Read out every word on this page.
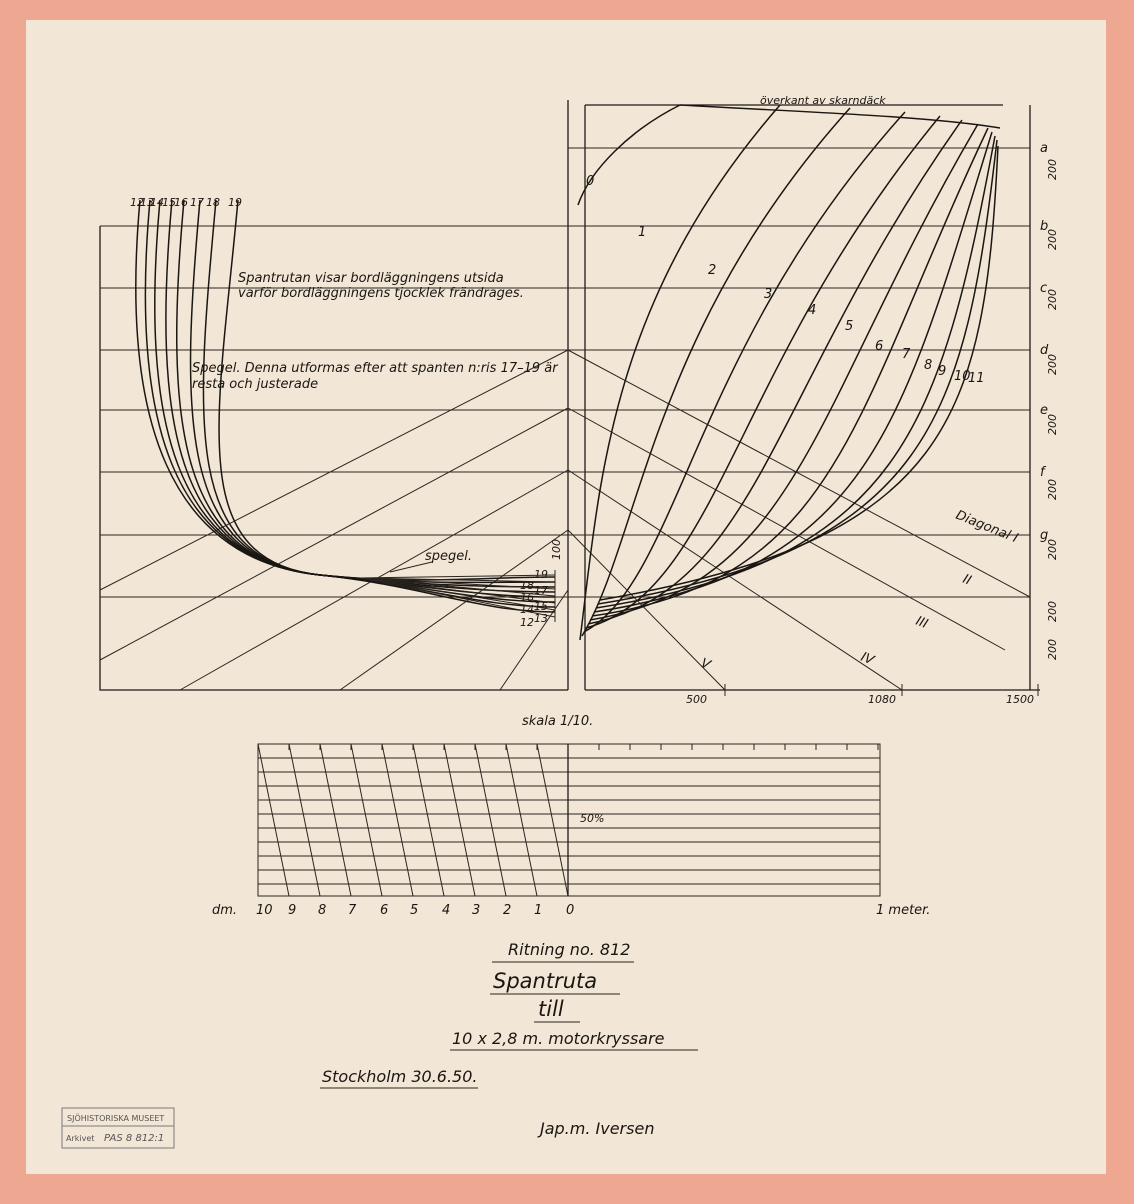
överkant av skarndäck
Spantrutan visar bordläggningens utsida
varför bordläggningens tjocklek frändrages.
Spegel. Denna utformas efter att spanten n:ris 17–19 är
resta och justerade
spegel.	100
a
b
c
d
e
f
g
200
200
200
200
200
200
200
200
200
0
1
2
3
4
5
6
7
8 9 10
11
12
13
14
15
16 17 18 19
19
18 17
16
15
14
13
12
Diagonal I
II
III
IV
V
500	1080	1500
skala 1/10.
50%
dm. 10 9 8 7 6 5 4 3 2 1 0	1 meter.
Ritning no. 812
Spantruta
till
10 x 2,8 m. motorkryssare
Stockholm 30.6.50.
Jap.m. Iversen
SJÖHISTORISKA MUSEET
Arkivet PAS 8 812:1
